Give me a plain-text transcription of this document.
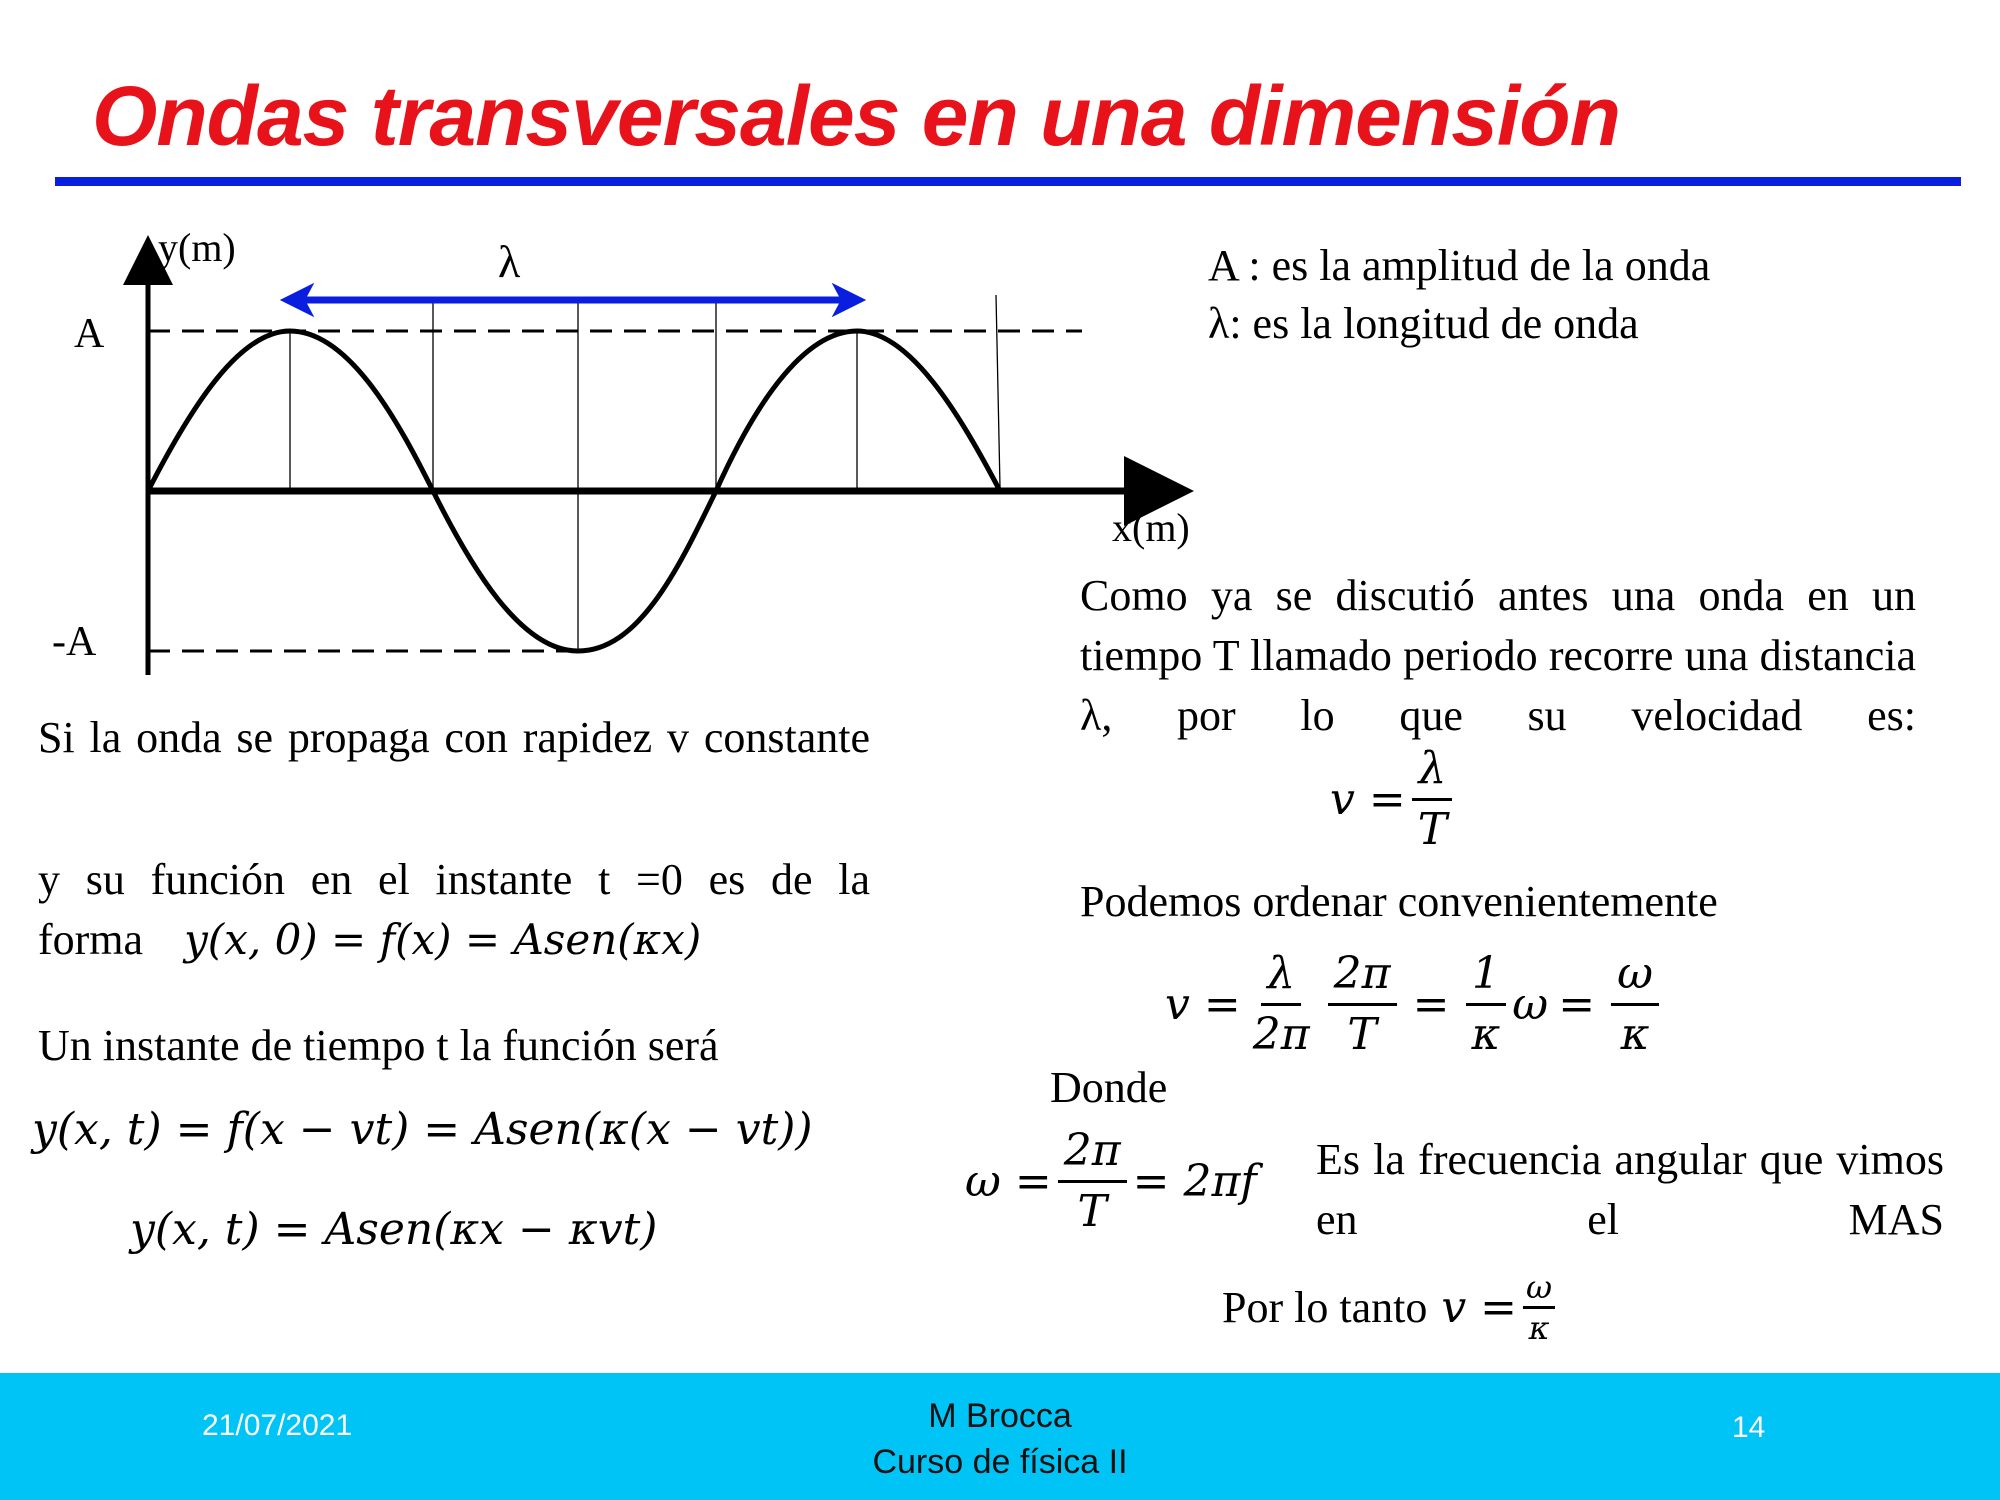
Ondas transversales en una dimensión
y(m)
x(m)
λ
A
-A
A : es la amplitud de la onda
λ: es la longitud de onda
Si la onda se propaga con rapidez v constante
y su función en el instante t =0 es de la
forma y(x, 0) = f(x) = Asen(κx)
Un instante de tiempo t la función será
y(x, t) = f(x − vt) = Asen(κ(x − vt))
y(x, t) = Asen(κx − κvt)
Como ya se discutió antes una onda en un tiempo T llamado periodo recorre una distancia λ, por lo que su velocidad es:
$v = \frac{\lambda}{T}$
Podemos ordenar convenientemente
$v = \frac{\lambda}{2\pi} \frac{2\pi}{T} = \frac{1}{\kappa}$ $\omega = \frac{\omega}{\kappa}$
Donde
$\omega = \frac{2\pi}{T} = 2\pi f$ Es la frecuencia angular que vimos en el MAS
Por lo tanto $v = \frac{\omega}{\kappa}$
21/07/2021	M Brocca
Curso de física II
14
